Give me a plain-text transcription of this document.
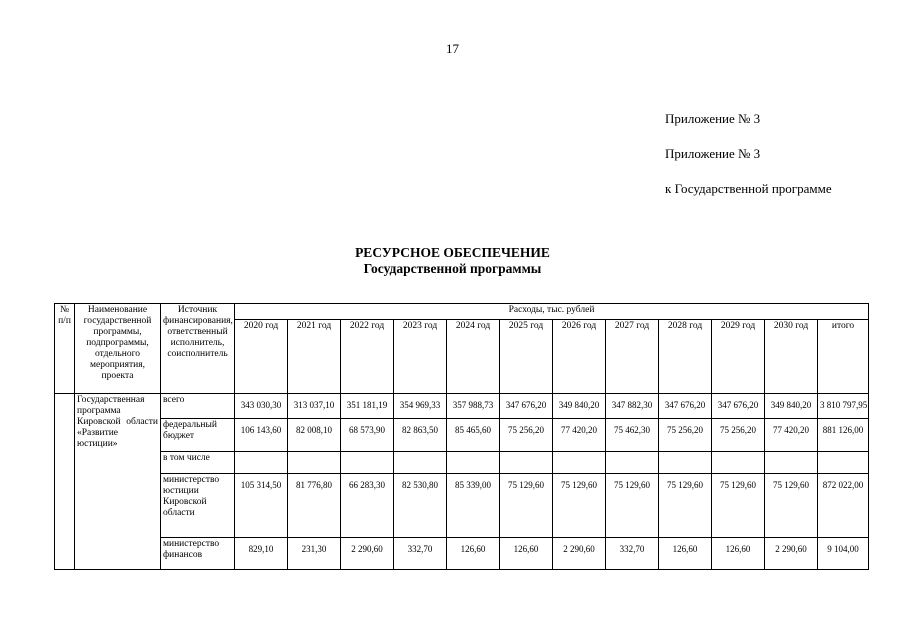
17
Приложение № 3
Приложение № 3
к Государственной программе
РЕСУРСНОЕ ОБЕСПЕЧЕНИЕ
Государственной программы
№ п/п	Наименование государственной программы, подпрограммы, отдельного мероприятия, проекта	Источник финансирования, ответственный исполнитель, соисполнитель	Расходы, тыс. рублей											
			2020 год	2021 год	2022 год	2023 год	2024 год	2025 год	2026 год	2027 год	2028 год	2029 год	2030 год	итого
	Государственная программа Кировской области «Развитие юстиции»	всего	343 030,30	313 037,10	351 181,19	354 969,33	357 988,73	347 676,20	349 840,20	347 882,30	347 676,20	347 676,20	349 840,20	3 810 797,95
		федеральный бюджет	106 143,60	82 008,10	68 573,90	82 863,50	85 465,60	75 256,20	77 420,20	75 462,30	75 256,20	75 256,20	77 420,20	881 126,00
		в том числе												
		министерство юстиции Кировской области	105 314,50	81 776,80	66 283,30	82 530,80	85 339,00	75 129,60	75 129,60	75 129,60	75 129,60	75 129,60	75 129,60	872 022,00
		министерство финансов	829,10	231,30	2 290,60	332,70	126,60	126,60	2 290,60	332,70	126,60	126,60	2 290,60	9 104,00
